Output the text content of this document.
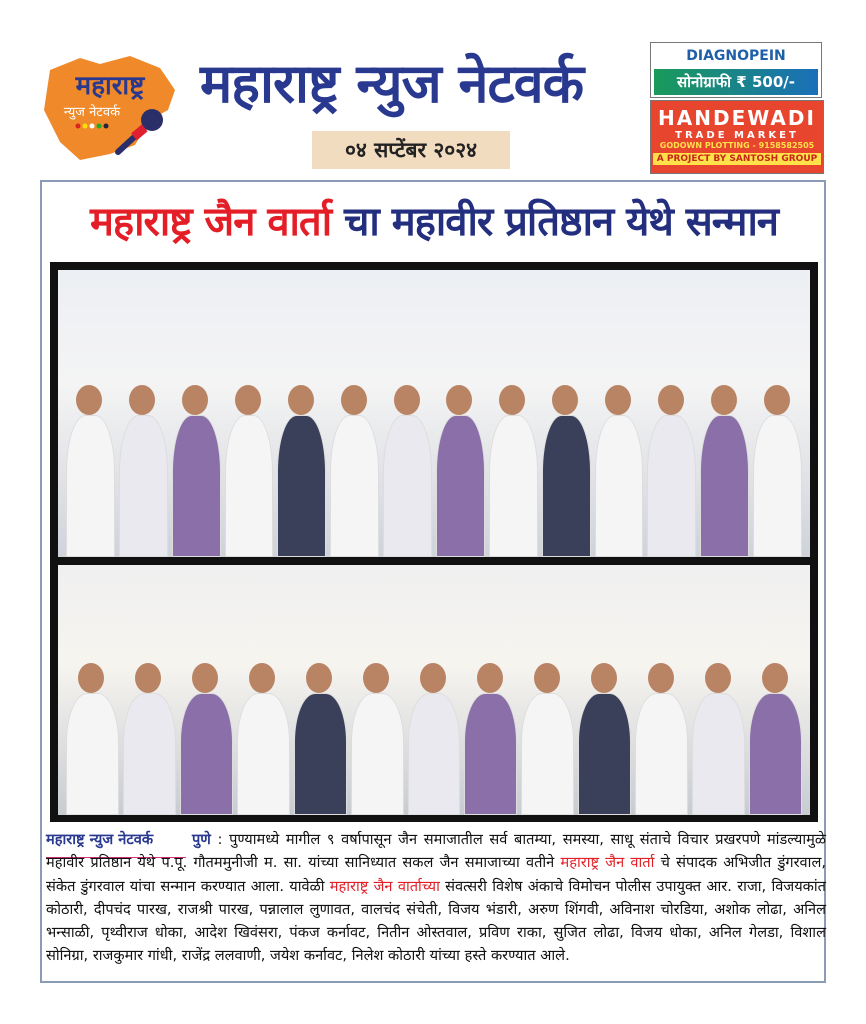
महाराष्ट्र
न्युज नेटवर्क महाराष्ट्र न्युज नेटवर्क
०४ सप्टेंबर २०२४
DIAGNOPEIN
सोनोग्राफी ₹ 500/-
HANDEWADI
TRADE MARKET
GODOWN PLOTTING - 9158582505
A PROJECT BY SANTOSH GROUP
महाराष्ट्र जैन वार्ता चा महावीर प्रतिष्ठान येथे सन्मान
महाराष्ट्र न्युज नेटवर्क	पुणे : पुण्यामध्ये मागील ९ वर्षापासून जैन समाजातील सर्व बातम्या, समस्या, साधू संताचे विचार प्रखरपणे मांडल्यामुळे महावीर प्रतिष्ठान येथे प.पू. गौतममुनीजी म. सा. यांच्या सानिध्यात सकल जैन समाजाच्या वतीने महाराष्ट्र जैन वार्ता चे संपादक अभिजीत डुंगरवाल, संकेत डुंगरवाल यांचा सन्मान करण्यात आला. यावेळी महाराष्ट्र जैन वार्ताच्या संवत्सरी विशेष अंकाचे विमोचन पोलीस उपायुक्त आर. राजा, विजयकांत कोठारी, दीपचंद पारख, राजश्री पारख, पन्नालाल लुणावत, वालचंद संचेती, विजय भंडारी, अरुण शिंगवी, अविनाश चोरडिया, अशोक लोढा, अनिल भन्साळी, पृथ्वीराज धोका, आदेश खिवंसरा, पंकज कर्नावट, नितीन ओस्तवाल, प्रविण राका, सुजित लोढा, विजय धोका, अनिल गेलडा, विशाल सोनिग्रा, राजकुमार गांधी, राजेंद्र ललवाणी, जयेश कर्नावट, निलेश कोठारी यांच्या हस्ते करण्यात आले.
